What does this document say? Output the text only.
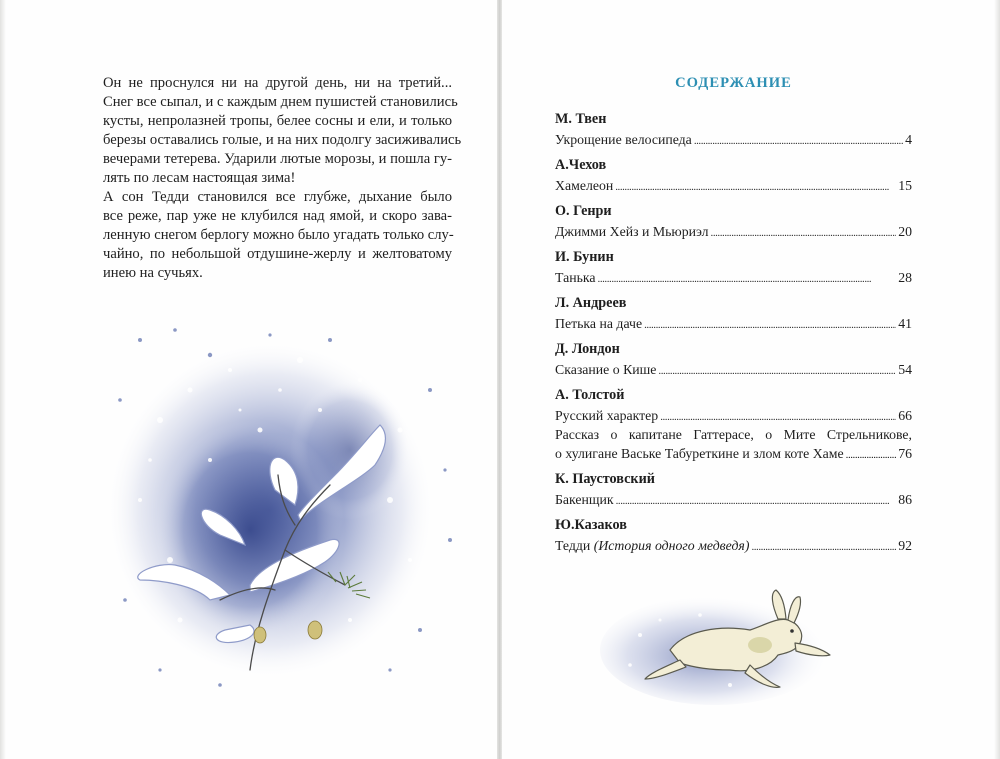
Он не проснулся ни на другой день, ни на третий...
Снег все сыпал, и с каждым днем пушистей становились
кусты, непролазней тропы, белее сосны и ели, и только
березы оставались голые, и на них подолгу засиживались
вечерами тетерева. Ударили лютые морозы, и пошла гу-
лять по лесам настоящая зима!

А сон Тедди становился все глубже, дыхание было
все реже, пар уже не клубился над ямой, и скоро зава-
ленную снегом берлогу можно было угадать только слу-
чайно, по небольшой отдушине-жерлу и желтоватому
инею на сучьях.

СОДЕРЖАНИЕ
М. Твен
Укрощение велосипеда . . .	4
А.Чехов
Хамелеон . . .	15
О. Генри
Джимми Хейз и Мьюриэл . . .	20
И. Бунин
Танька . . .	28
Л. Андреев
Петька на даче . . .	41
Д. Лондон
Сказание о Кише . . .	54
А. Толстой
Русский характер . . .	66
Рассказ о капитане Гаттерасе, о Мите Стрельникове,
о хулигане Ваське Табуреткине и злом коте Хаме . . .	76
К. Паустовский
Бакенщик . . .	86
Ю.Казаков
Тедди (История одного медведя) . . .	92
